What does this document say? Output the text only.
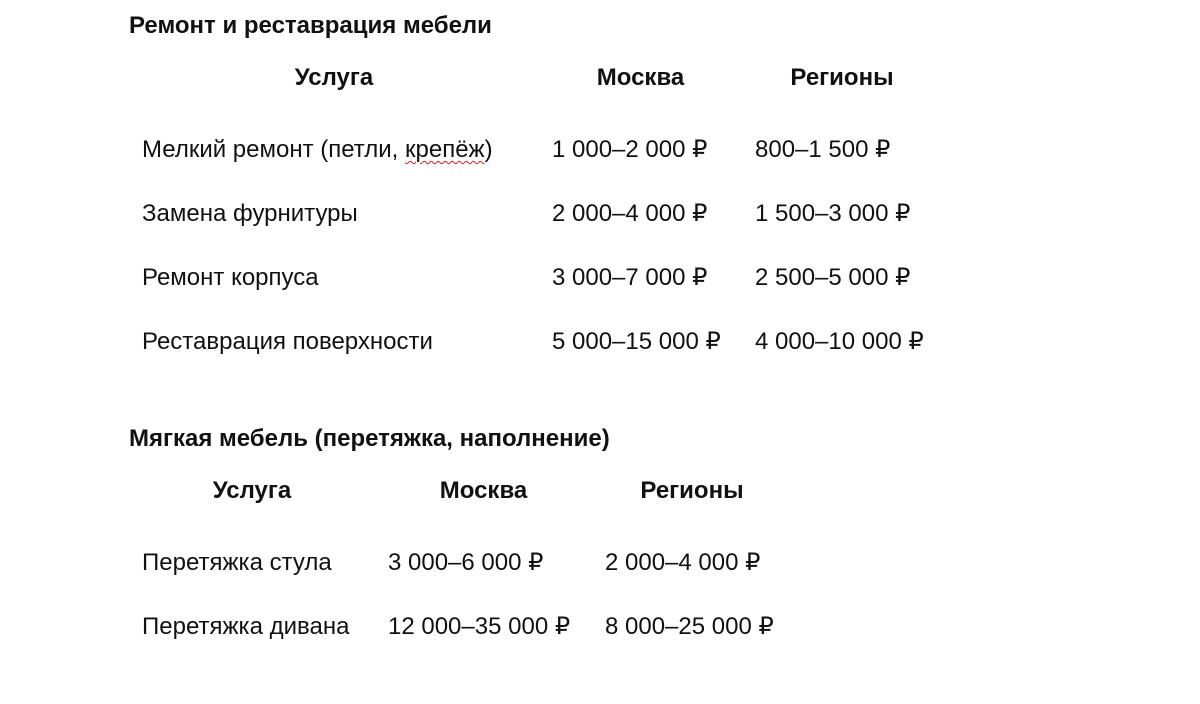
Ремонт и реставрация мебели
Услуга	Москва	Регионы
Мелкий ремонт (петли, крепёж)	1 000–2 000 ₽	800–1 500 ₽
Замена фурнитуры	2 000–4 000 ₽	1 500–3 000 ₽
Ремонт корпуса	3 000–7 000 ₽	2 500–5 000 ₽
Реставрация поверхности	5 000–15 000 ₽	4 000–10 000 ₽
Мягкая мебель (перетяжка, наполнение)
Услуга	Москва	Регионы
Перетяжка стула	3 000–6 000 ₽	2 000–4 000 ₽
Перетяжка дивана	12 000–35 000 ₽	8 000–25 000 ₽
